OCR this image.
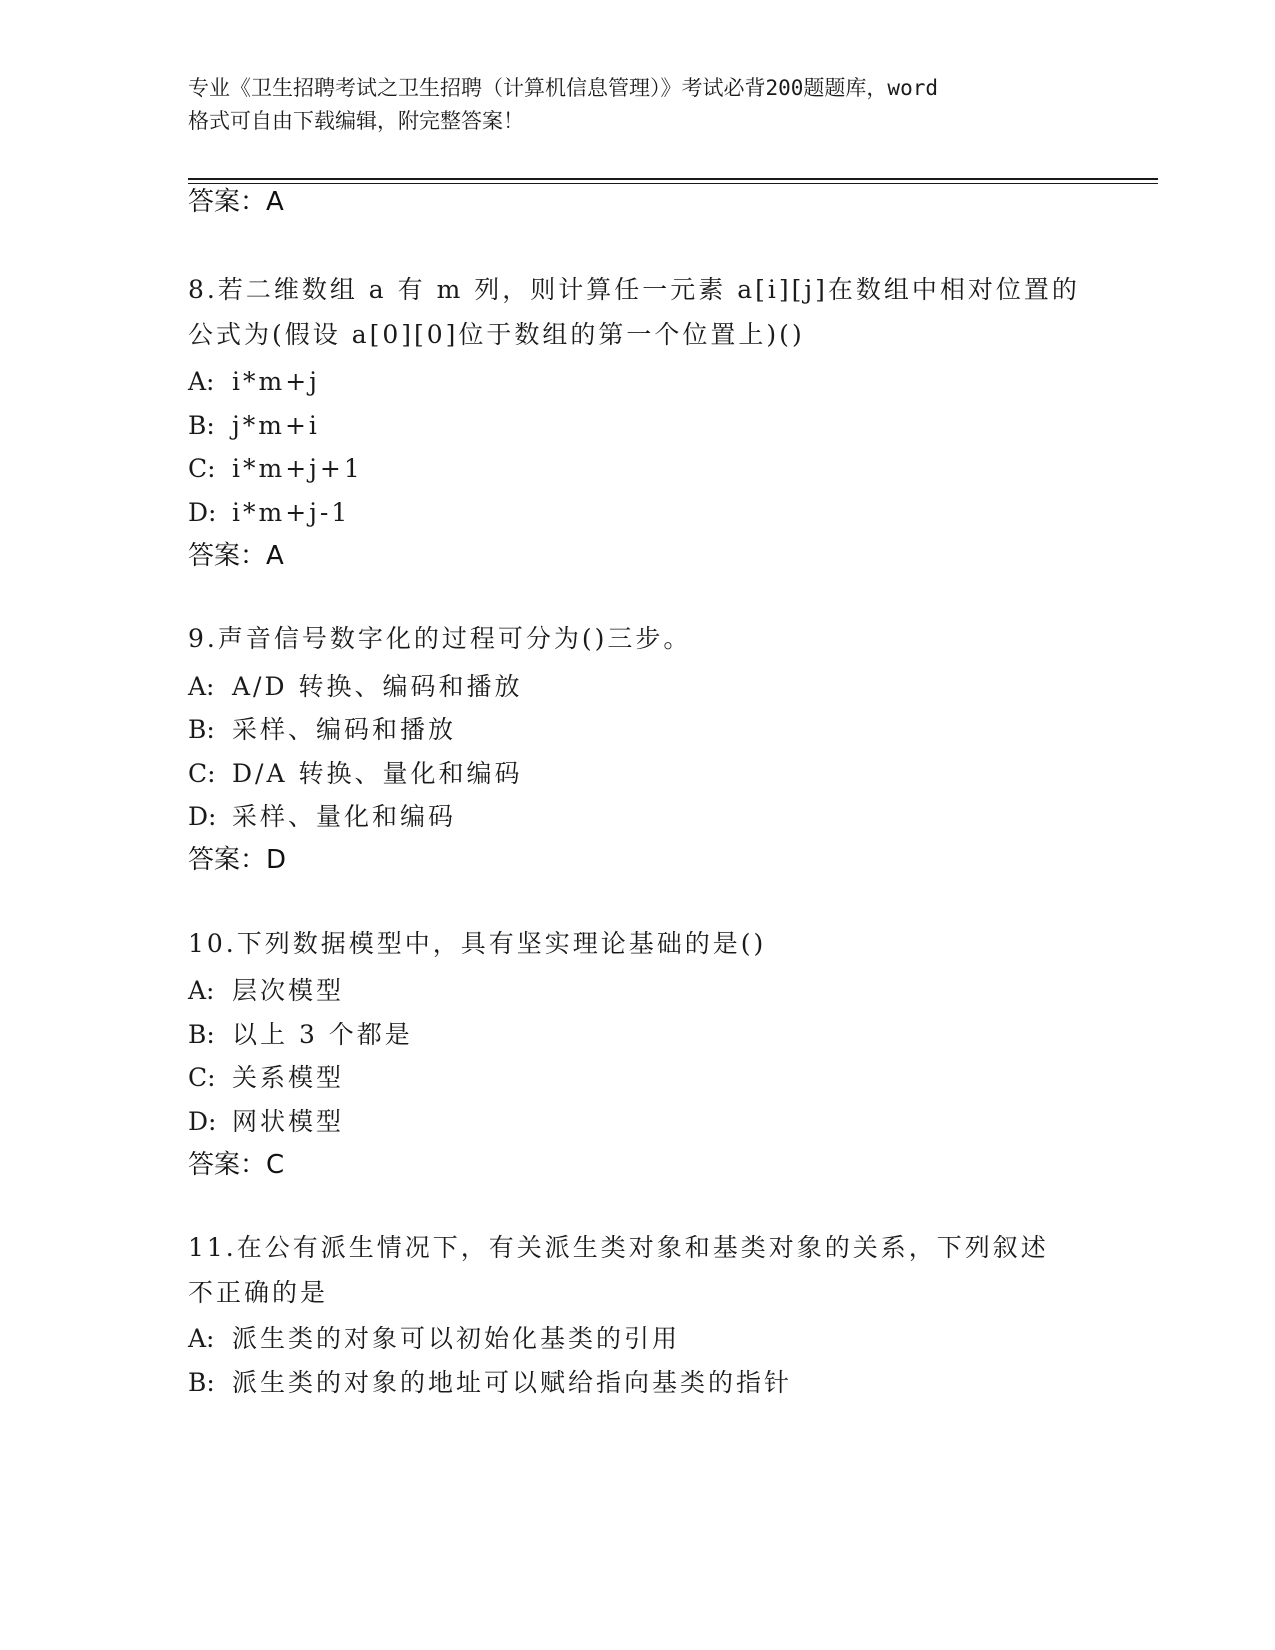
专业《卫生招聘考试之卫生招聘（计算机信息管理）》考试必背200题题库，word
格式可自由下载编辑，附完整答案！
答案：A
8.若二维数组 a 有 m 列，则计算任一元素 a[i][j]在数组中相对位置的
公式为(假设 a[0][0]位于数组的第一个位置上)()
A: i*m+j
B: j*m+i
C: i*m+j+1
D: i*m+j-1
答案：A
9.声音信号数字化的过程可分为()三步。
A: A/D 转换、编码和播放
B: 采样、编码和播放
C: D/A 转换、量化和编码
D: 采样、量化和编码
答案：D
10.下列数据模型中，具有坚实理论基础的是()
A: 层次模型
B: 以上 3 个都是
C: 关系模型
D: 网状模型
答案：C
11.在公有派生情况下，有关派生类对象和基类对象的关系，下列叙述
不正确的是
A: 派生类的对象可以初始化基类的引用
B: 派生类的对象的地址可以赋给指向基类的指针
